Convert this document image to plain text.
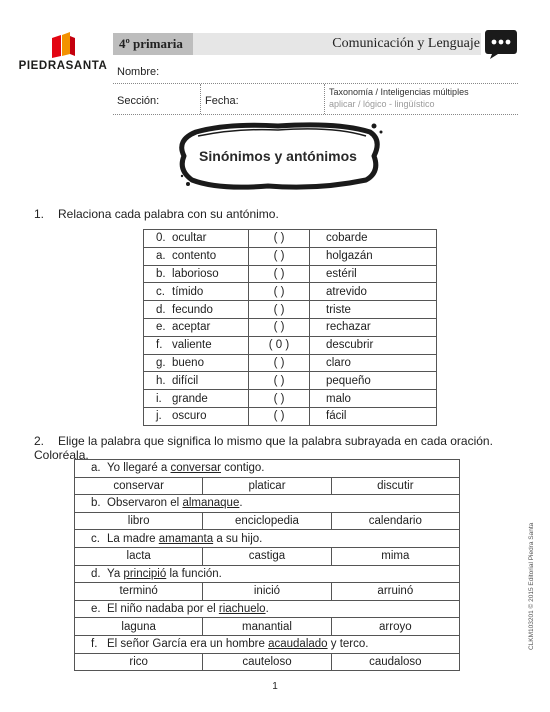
PIEDRASANTA
4º primaria	Comunicación y Lenguaje
Nombre:
Sección:	Fecha:
Taxonomía / Inteligencias múltiples
aplicar / lógico - lingüístico
Sinónimos y antónimos
1. Relaciona cada palabra con su antónimo.
0. ocultar	( )	cobarde
a. contento	( )	holgazán
b. laborioso	( )	estéril
c. tímido	( )	atrevido
d. fecundo	( )	triste
e. aceptar	( )	rechazar
f. valiente	( 0 )	descubrir
g. bueno	( )	claro
h. difícil	( )	pequeño
i. grande	( )	malo
j. oscuro	( )	fácil
2. Elige la palabra que significa lo mismo que la palabra subrayada en cada oración. Coloréala.
a. Yo llegaré a conversar contigo.		
conservar	platicar	discutir
b. Observaron el almanaque.		
libro	enciclopedia	calendario
c. La madre amamanta a su hijo.		
lacta	castiga	mima
d. Ya principió la función.		
terminó	inició	arruinó
e. El niño nadaba por el riachuelo.		
laguna	manantial	arroyo
f. El señor García era un hombre acaudalado y terco.		
rico	cauteloso	caudaloso
1
CLKM103201 © 2015 Editorial Piedra Santa
